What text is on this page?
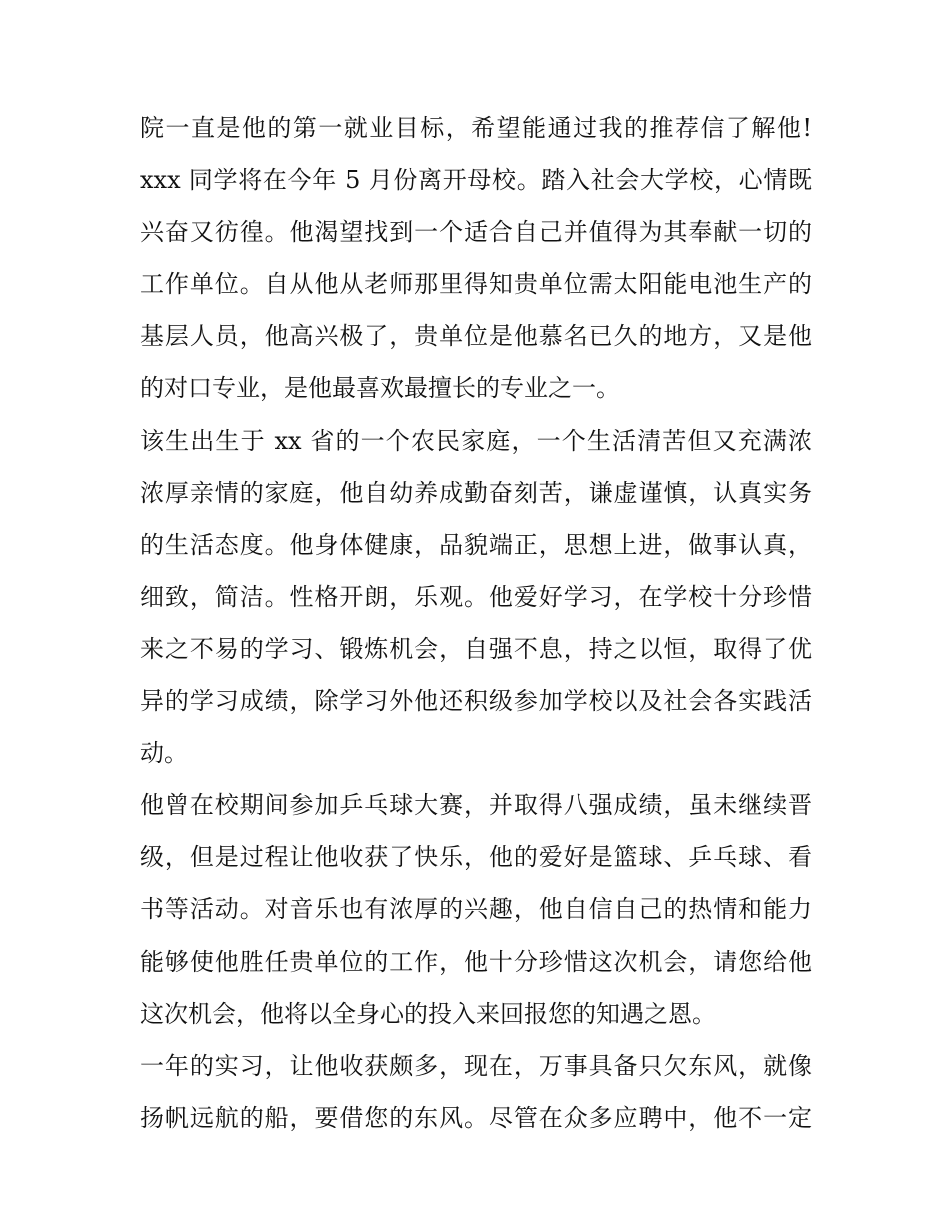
院一直是他的第一就业目标，希望能通过我的推荐信了解他!
xxx 同学将在今年 5 月份离开母校。踏入社会大学校，心情既
兴奋又彷徨。他渴望找到一个适合自己并值得为其奉献一切的
工作单位。自从他从老师那里得知贵单位需太阳能电池生产的
基层人员，他高兴极了，贵单位是他慕名已久的地方，又是他
的对口专业，是他最喜欢最擅长的专业之一。
该生出生于 xx 省的一个农民家庭，一个生活清苦但又充满浓
浓厚亲情的家庭，他自幼养成勤奋刻苦，谦虚谨慎，认真实务
的生活态度。他身体健康，品貌端正，思想上进，做事认真，
细致，简洁。性格开朗，乐观。他爱好学习，在学校十分珍惜
来之不易的学习、锻炼机会，自强不息，持之以恒，取得了优
异的学习成绩，除学习外他还积级参加学校以及社会各实践活
动。
他曾在校期间参加乒乓球大赛，并取得八强成绩，虽未继续晋
级，但是过程让他收获了快乐，他的爱好是篮球、乒乓球、看
书等活动。对音乐也有浓厚的兴趣，他自信自己的热情和能力
能够使他胜任贵单位的工作，他十分珍惜这次机会，请您给他
这次机会，他将以全身心的投入来回报您的知遇之恩。
一年的实习，让他收获颇多，现在，万事具备只欠东风，就像
扬帆远航的船，要借您的东风。尽管在众多应聘中，他不一定
